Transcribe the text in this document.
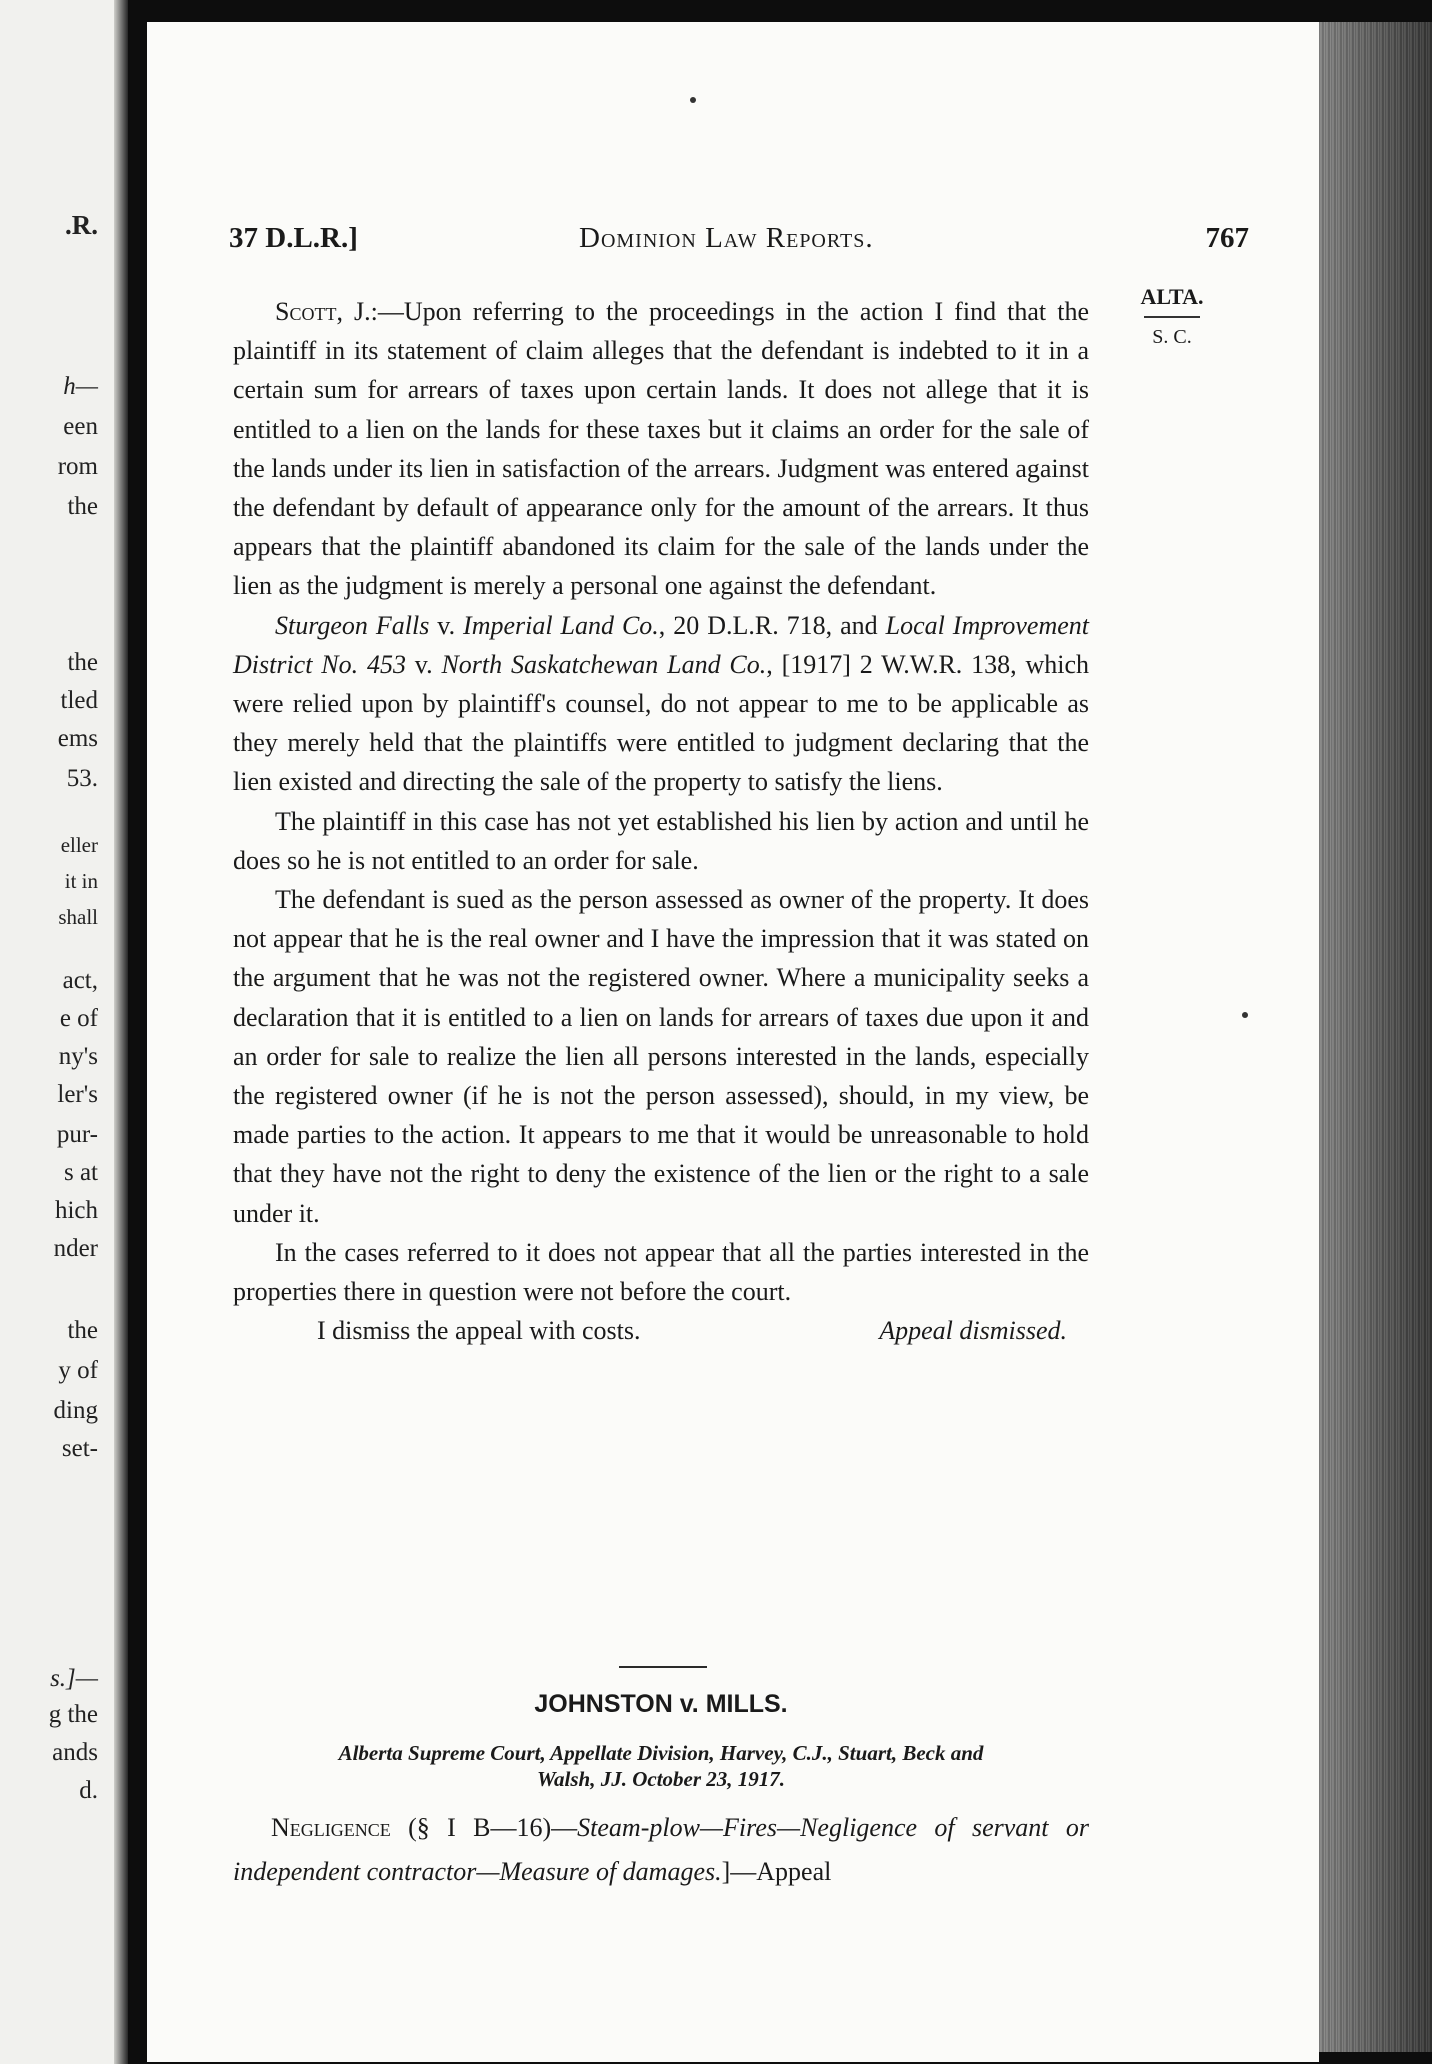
.R.
h—
een
rom
the
the
tled
ems
53.
eller
it in
shall
act,
e of
ny's
ler's
pur-
s at
hich
nder
the
y of
ding
set-
s.]—
g the
ands
d.
37 D.L.R.]	Dominion Law Reports.	767
ALTA.
S. C.

Scott, J.:—Upon referring to the proceedings in the action I find that the plaintiff in its statement of claim alleges that the defendant is indebted to it in a certain sum for arrears of taxes upon certain lands. It does not allege that it is entitled to a lien on the lands for these taxes but it claims an order for the sale of the lands under its lien in satisfaction of the arrears. Judgment was entered against the defendant by default of appearance only for the amount of the arrears. It thus appears that the plaintiff abandoned its claim for the sale of the lands under the lien as the judgment is merely a personal one against the defendant.

Sturgeon Falls v. Imperial Land Co., 20 D.L.R. 718, and Local Improvement District No. 453 v. North Saskatchewan Land Co., [1917] 2 W.W.R. 138, which were relied upon by plaintiff's counsel, do not appear to me to be applicable as they merely held that the plaintiffs were entitled to judgment declaring that the lien existed and directing the sale of the property to satisfy the liens.

The plaintiff in this case has not yet established his lien by action and until he does so he is not entitled to an order for sale.

The defendant is sued as the person assessed as owner of the property. It does not appear that he is the real owner and I have the impression that it was stated on the argument that he was not the registered owner. Where a municipality seeks a declaration that it is entitled to a lien on lands for arrears of taxes due upon it and an order for sale to realize the lien all persons interested in the lands, especially the registered owner (if he is not the person assessed), should, in my view, be made parties to the action. It appears to me that it would be unreasonable to hold that they have not the right to deny the existence of the lien or the right to a sale under it.

In the cases referred to it does not appear that all the parties interested in the properties there in question were not before the court.

I dismiss the appeal with costs.	Appeal dismissed.

JOHNSTON v. MILLS.
Alberta Supreme Court, Appellate Division, Harvey, C.J., Stuart, Beck and
Walsh, JJ. October 23, 1917.

Negligence (§ I B—16)—Steam-plow—Fires—Negligence of servant or independent contractor—Measure of damages.]—Appeal
